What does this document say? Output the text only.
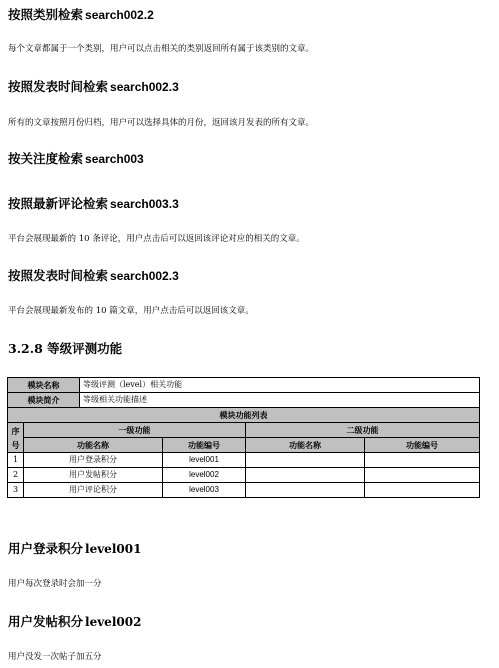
按照类别检索 search002.2
每个文章都属于一个类别，用户可以点击相关的类别返回所有属于该类别的文章。
按照发表时间检索 search002.3
所有的文章按照月份归档，用户可以选择具体的月份，返回该月发表的所有文章。
按关注度检索 search003
按照最新评论检索 search003.3
平台会展现最新的 10 条评论，用户点击后可以返回该评论对应的相关的文章。
按照发表时间检索 search002.3
平台会展现最新发布的 10 篇文章，用户点击后可以返回该文章。
3.2.8 等级评测功能
模块名称		等级评测（level）相关功能			
模块简介		等级相关功能描述			
模块功能列表					
序号	一级功能			二级功能	
	功能名称		功能编号	功能名称	功能编号
1	用户登录积分		level001		
2	用户发帖积分		level002		
3	用户评论积分		level003		
用户登录积分 level001
用户每次登录时会加一分
用户发帖积分 level002
用户没发一次帖子加五分
